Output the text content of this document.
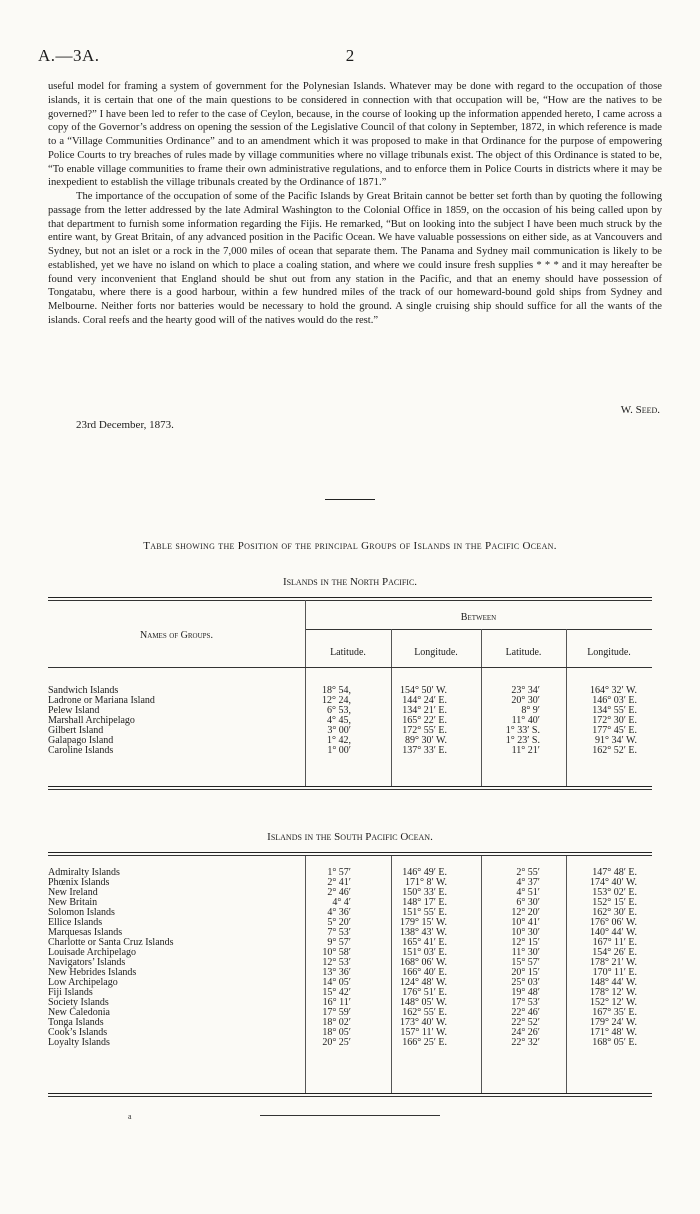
A.—3A.	2

useful model for framing a system of government for the Polynesian Islands. Whatever may be done with regard to the occupation of those islands, it is certain that one of the main questions to be considered in connection with that occupation will be, “How are the natives to be governed?” I have been led to refer to the case of Ceylon, because, in the course of looking up the information appended hereto, I came across a copy of the Governor’s address on opening the session of the Legislative Council of that colony in September, 1872, in which reference is made to a “Village Communities Ordinance” and to an amendment which it was proposed to make in that Ordinance for the purpose of empowering Police Courts to try breaches of rules made by village communities where no village tribunals exist. The object of this Ordinance is stated to be, “To enable village communities to frame their own administrative regulations, and to enforce them in Police Courts in districts where it may be inexpedient to establish the village tribunals created by the Ordinance of 1871.”

The importance of the occupation of some of the Pacific Islands by Great Britain cannot be better set forth than by quoting the following passage from the letter addressed by the late Admiral Washington to the Colonial Office in 1859, on the occasion of his being called upon by that department to furnish some information regarding the Fijis. He remarked, “But on looking into the subject I have been much struck by the entire want, by Great Britain, of any advanced position in the Pacific Ocean. We have valuable possessions on either side, as at Vancouvers and Sydney, but not an islet or a rock in the 7,000 miles of ocean that separate them. The Panama and Sydney mail communication is likely to be established, yet we have no island on which to place a coaling station, and where we could insure fresh supplies * * * and it may hereafter be found very inconvenient that England should be shut out from any station in the Pacific, and that an enemy should have possession of Tongatabu, where there is a good harbour, within a few hundred miles of the track of our homeward-bound gold ships from Sydney and Melbourne. Neither forts nor batteries would be necessary to hold the ground. A single cruising ship should suffice for all the wants of the islands. Coral reefs and the hearty good will of the natives would do the rest.”

W. Seed.
23rd December, 1873.
Table showing the Position of the principal Groups of Islands in the Pacific Ocean.
Islands in the North Pacific.
Names of Groups.
Between
Latitude.	Longitude.	Latitude.	Longitude.
Sandwich Islands	18° 54,	154° 50′ W.	23° 34′	164° 32′ W.
Ladrone or Mariana Island	12° 24,	144° 24′ E.	20° 30′	146° 03′ E.
Pelew Island	6° 53,	134° 21′ E.	8° 9′	134° 55′ E.
Marshall Archipelago	4° 45,	165° 22′ E.	11° 40′	172° 30′ E.
Gilbert Island	3° 00′	172° 55′ E.	1° 33′ S.	177° 45′ E.
Galapago Island	1° 42,	89° 30′ W.	1° 23′ S.	91° 34′ W.
Caroline Islands	1° 00′	137° 33′ E.	11° 21′	162° 52′ E.
Islands in the South Pacific Ocean.
Admiralty Islands	1° 57′	146° 49′ E.	2° 55′	147° 48′ E.
Phœnix Islands	2° 41′	171° 8′ W.	4° 37′	174° 40′ W.
New Ireland	2° 46′	150° 33′ E.	4° 51′	153° 02′ E.
New Britain	4° 4′	148° 17′ E.	6° 30′	152° 15′ E.
Solomon Islands	4° 36′	151° 55′ E.	12° 20′	162° 30′ E.
Ellice Islands	5° 20′	179° 15′ W.	10° 41′	176° 06′ W.
Marquesas Islands	7° 53′	138° 43′ W.	10° 30′	140° 44′ W.
Charlotte or Santa Cruz Islands	9° 57′	165° 41′ E.	12° 15′	167° 11′ E.
Louisade Archipelago	10° 58′	151° 03′ E.	11° 30′	154° 26′ E.
Navigators’ Islands	12° 53′	168° 06′ W.	15° 57′	178° 21′ W.
New Hebrides Islands	13° 36′	166° 40′ E.	20° 15′	170° 11′ E.
Low Archipelago	14° 05′	124° 48′ W.	25° 03′	148° 44′ W.
Fiji Islands	15° 42′	176° 51′ E.	19° 48′	178° 12′ W.
Society Islands	16° 11′	148° 05′ W.	17° 53′	152° 12′ W.
New Caledonia	17° 59′	162° 55′ E.	22° 46′	167° 35′ E.
Tonga Islands	18° 02′	173° 40′ W.	22° 52′	179° 24′ W.
Cook’s Islands	18° 05′	157° 11′ W.	24° 26′	171° 48′ W.
Loyalty Islands	20° 25′	166° 25′ E.	22° 32′	168° 05′ E.
a
